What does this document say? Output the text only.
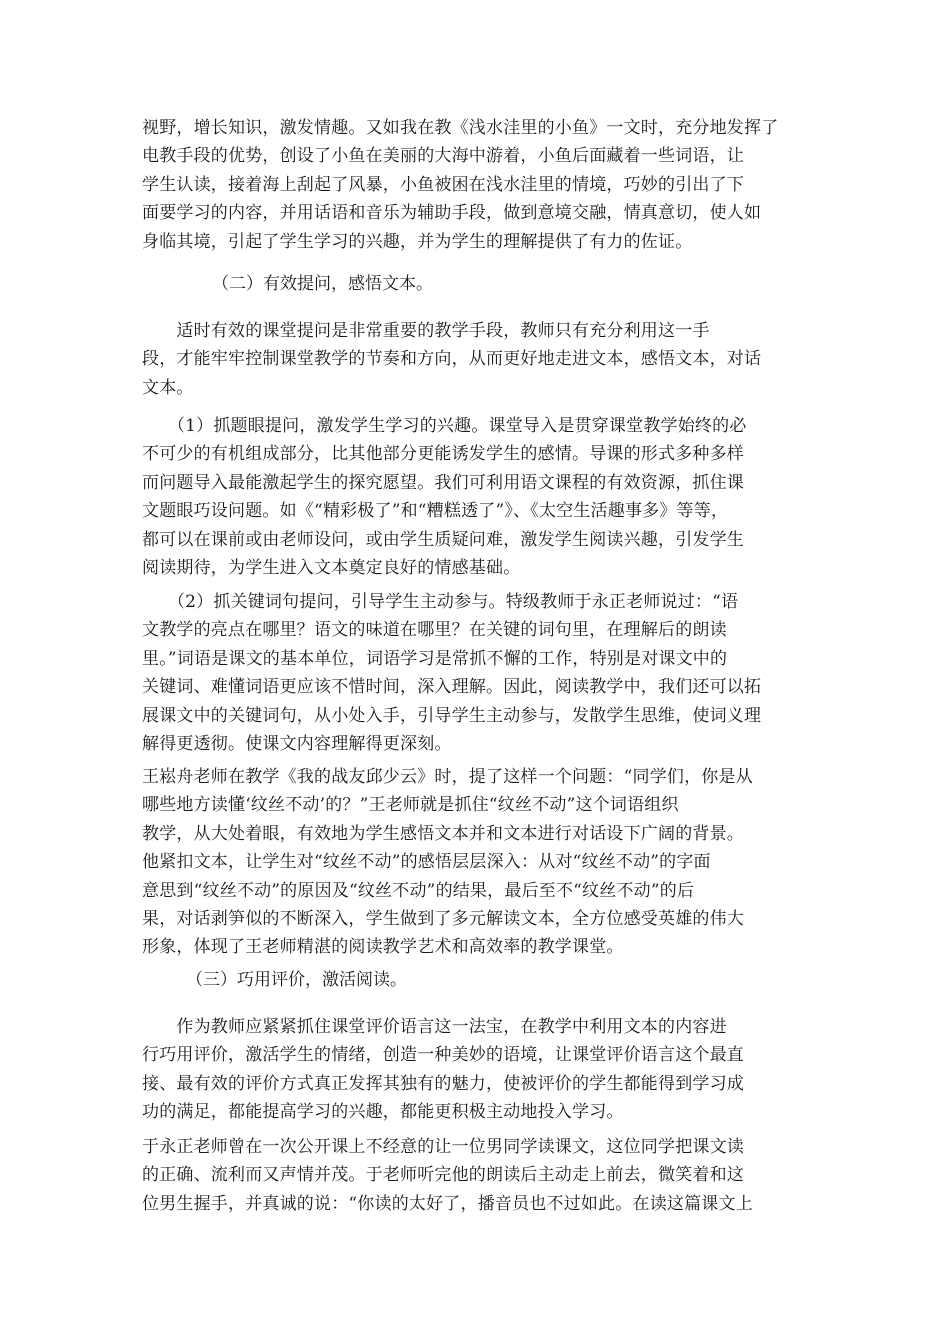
视野，增长知识，激发情趣。又如我在教《浅水洼里的小鱼》一文时，充分地发挥了
电教手段的优势，创设了小鱼在美丽的大海中游着，小鱼后面藏着一些词语，让
学生认读，接着海上刮起了风暴，小鱼被困在浅水洼里的情境，巧妙的引出了下
面要学习的内容，并用话语和音乐为辅助手段，做到意境交融，情真意切，使人如
身临其境，引起了学生学习的兴趣，并为学生的理解提供了有力的佐证。
（二）有效提问，感悟文本。
　　适时有效的课堂提问是非常重要的教学手段，教师只有充分利用这一手
段，才能牢牢控制课堂教学的节奏和方向，从而更好地走进文本，感悟文本，对话
文本。
　　（1）抓题眼提问，激发学生学习的兴趣。课堂导入是贯穿课堂教学始终的必
不可少的有机组成部分，比其他部分更能诱发学生的感情。导课的形式多种多样
而问题导入最能激起学生的探究愿望。我们可利用语文课程的有效资源，抓住课
文题眼巧设问题。如《“精彩极了”和“糟糕透了”》、《太空生活趣事多》等等，
都可以在课前或由老师设问，或由学生质疑问难，激发学生阅读兴趣，引发学生
阅读期待，为学生进入文本奠定良好的情感基础。
　　（2）抓关键词句提问，引导学生主动参与。特级教师于永正老师说过：“语
文教学的亮点在哪里？语文的味道在哪里？在关键的词句里，在理解后的朗读
里。”词语是课文的基本单位，词语学习是常抓不懈的工作，特别是对课文中的
关键词、难懂词语更应该不惜时间，深入理解。因此，阅读教学中，我们还可以拓
展课文中的关键词句，从小处入手，引导学生主动参与，发散学生思维，使词义理
解得更透彻。使课文内容理解得更深刻。
王崧舟老师在教学《我的战友邱少云》时，提了这样一个问题：“同学们，你是从
哪些地方读懂‘纹丝不动’的？”王老师就是抓住“纹丝不动”这个词语组织
教学，从大处着眼，有效地为学生感悟文本并和文本进行对话设下广阔的背景。
他紧扣文本，让学生对“纹丝不动”的感悟层层深入：从对“纹丝不动”的字面
意思到“纹丝不动”的原因及“纹丝不动”的结果，最后至不“纹丝不动”的后
果，对话剥笋似的不断深入，学生做到了多元解读文本，全方位感受英雄的伟大
形象，体现了王老师精湛的阅读教学艺术和高效率的教学课堂。
（三）巧用评价，激活阅读。
　　作为教师应紧紧抓住课堂评价语言这一法宝，在教学中利用文本的内容进
行巧用评价，激活学生的情绪，创造一种美妙的语境，让课堂评价语言这个最直
接、最有效的评价方式真正发挥其独有的魅力，使被评价的学生都能得到学习成
功的满足，都能提高学习的兴趣，都能更积极主动地投入学习。
于永正老师曾在一次公开课上不经意的让一位男同学读课文，这位同学把课文读
的正确、流利而又声情并茂。于老师听完他的朗读后主动走上前去，微笑着和这
位男生握手，并真诚的说：“你读的太好了，播音员也不过如此。在读这篇课文上
